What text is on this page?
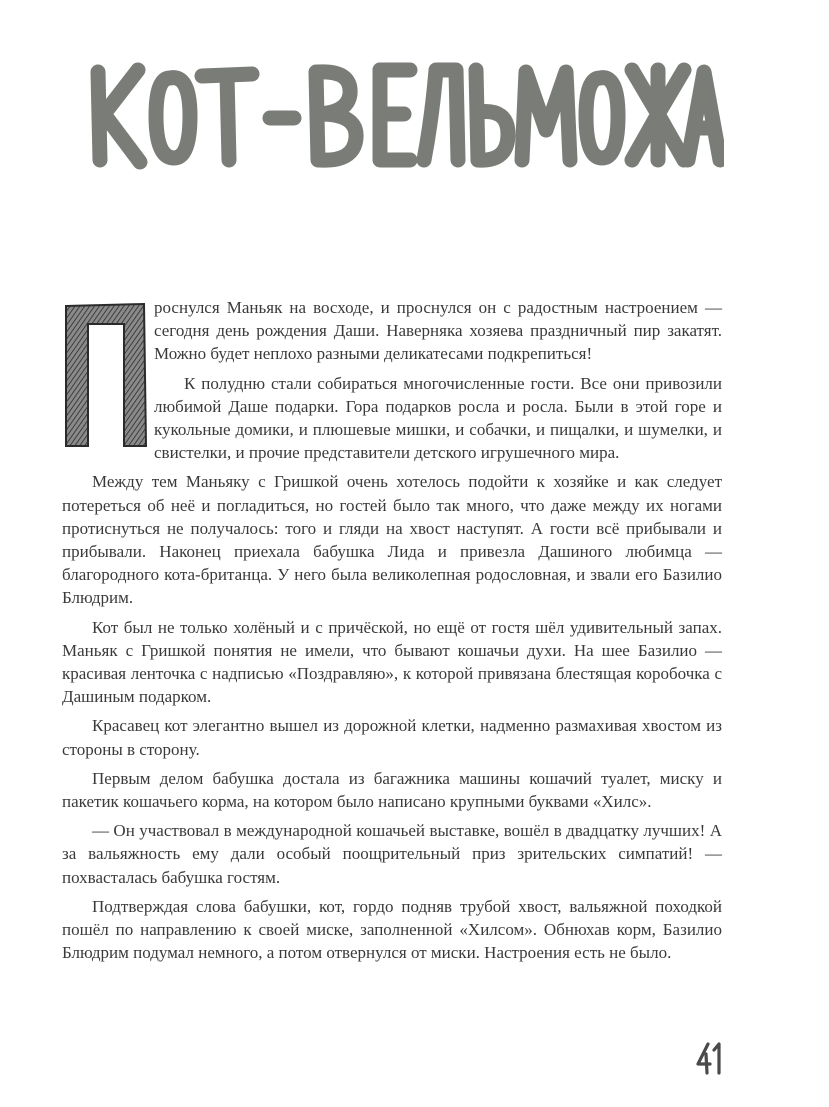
роснулся Маньяк на восходе, и проснулся он с радостным настроением — сегодня день рождения Даши. Наверняка хозяева праздничный пир закатят. Можно будет неплохо разными деликатесами подкрепиться!

К полудню стали собираться многочисленные гости. Все они привозили любимой Даше подарки. Гора подарков росла и росла. Были в этой горе и кукольные домики, и плюшевые мишки, и собачки, и пищалки, и шумелки, и свистелки, и прочие представители детского игрушечного мира.

Между тем Маньяку с Гришкой очень хотелось подойти к хозяйке и как следует потереться об неё и погладиться, но гостей было так много, что даже между их ногами протиснуться не получалось: того и гляди на хвост наступят. А гости всё прибывали и прибывали. Наконец приехала бабушка Лида и привезла Дашиного любимца — благородного кота-британца. У него была великолепная родословная, и звали его Базилио Блюдрим.

Кот был не только холёный и с причёской, но ещё от гостя шёл удивительный запах. Маньяк с Гришкой понятия не имели, что бывают кошачьи духи. На шее Базилио — красивая ленточка с надписью «Поздравляю», к которой привязана блестящая коробочка с Дашиным подарком.

Красавец кот элегантно вышел из дорожной клетки, надменно размахивая хвостом из стороны в сторону.

Первым делом бабушка достала из багажника машины кошачий туалет, миску и пакетик кошачьего корма, на котором было написано крупными буквами «Хилс».

— Он участвовал в международной кошачьей выставке, вошёл в двадцатку лучших! А за вальяжность ему дали особый поощрительный приз зрительских симпатий! — похвасталась бабушка гостям.

Подтверждая слова бабушки, кот, гордо подняв трубой хвост, вальяжной походкой пошёл по направлению к своей миске, заполненной «Хилсом». Обнюхав корм, Базилио Блюдрим подумал немного, а потом отвернулся от миски. Настроения есть не было.
